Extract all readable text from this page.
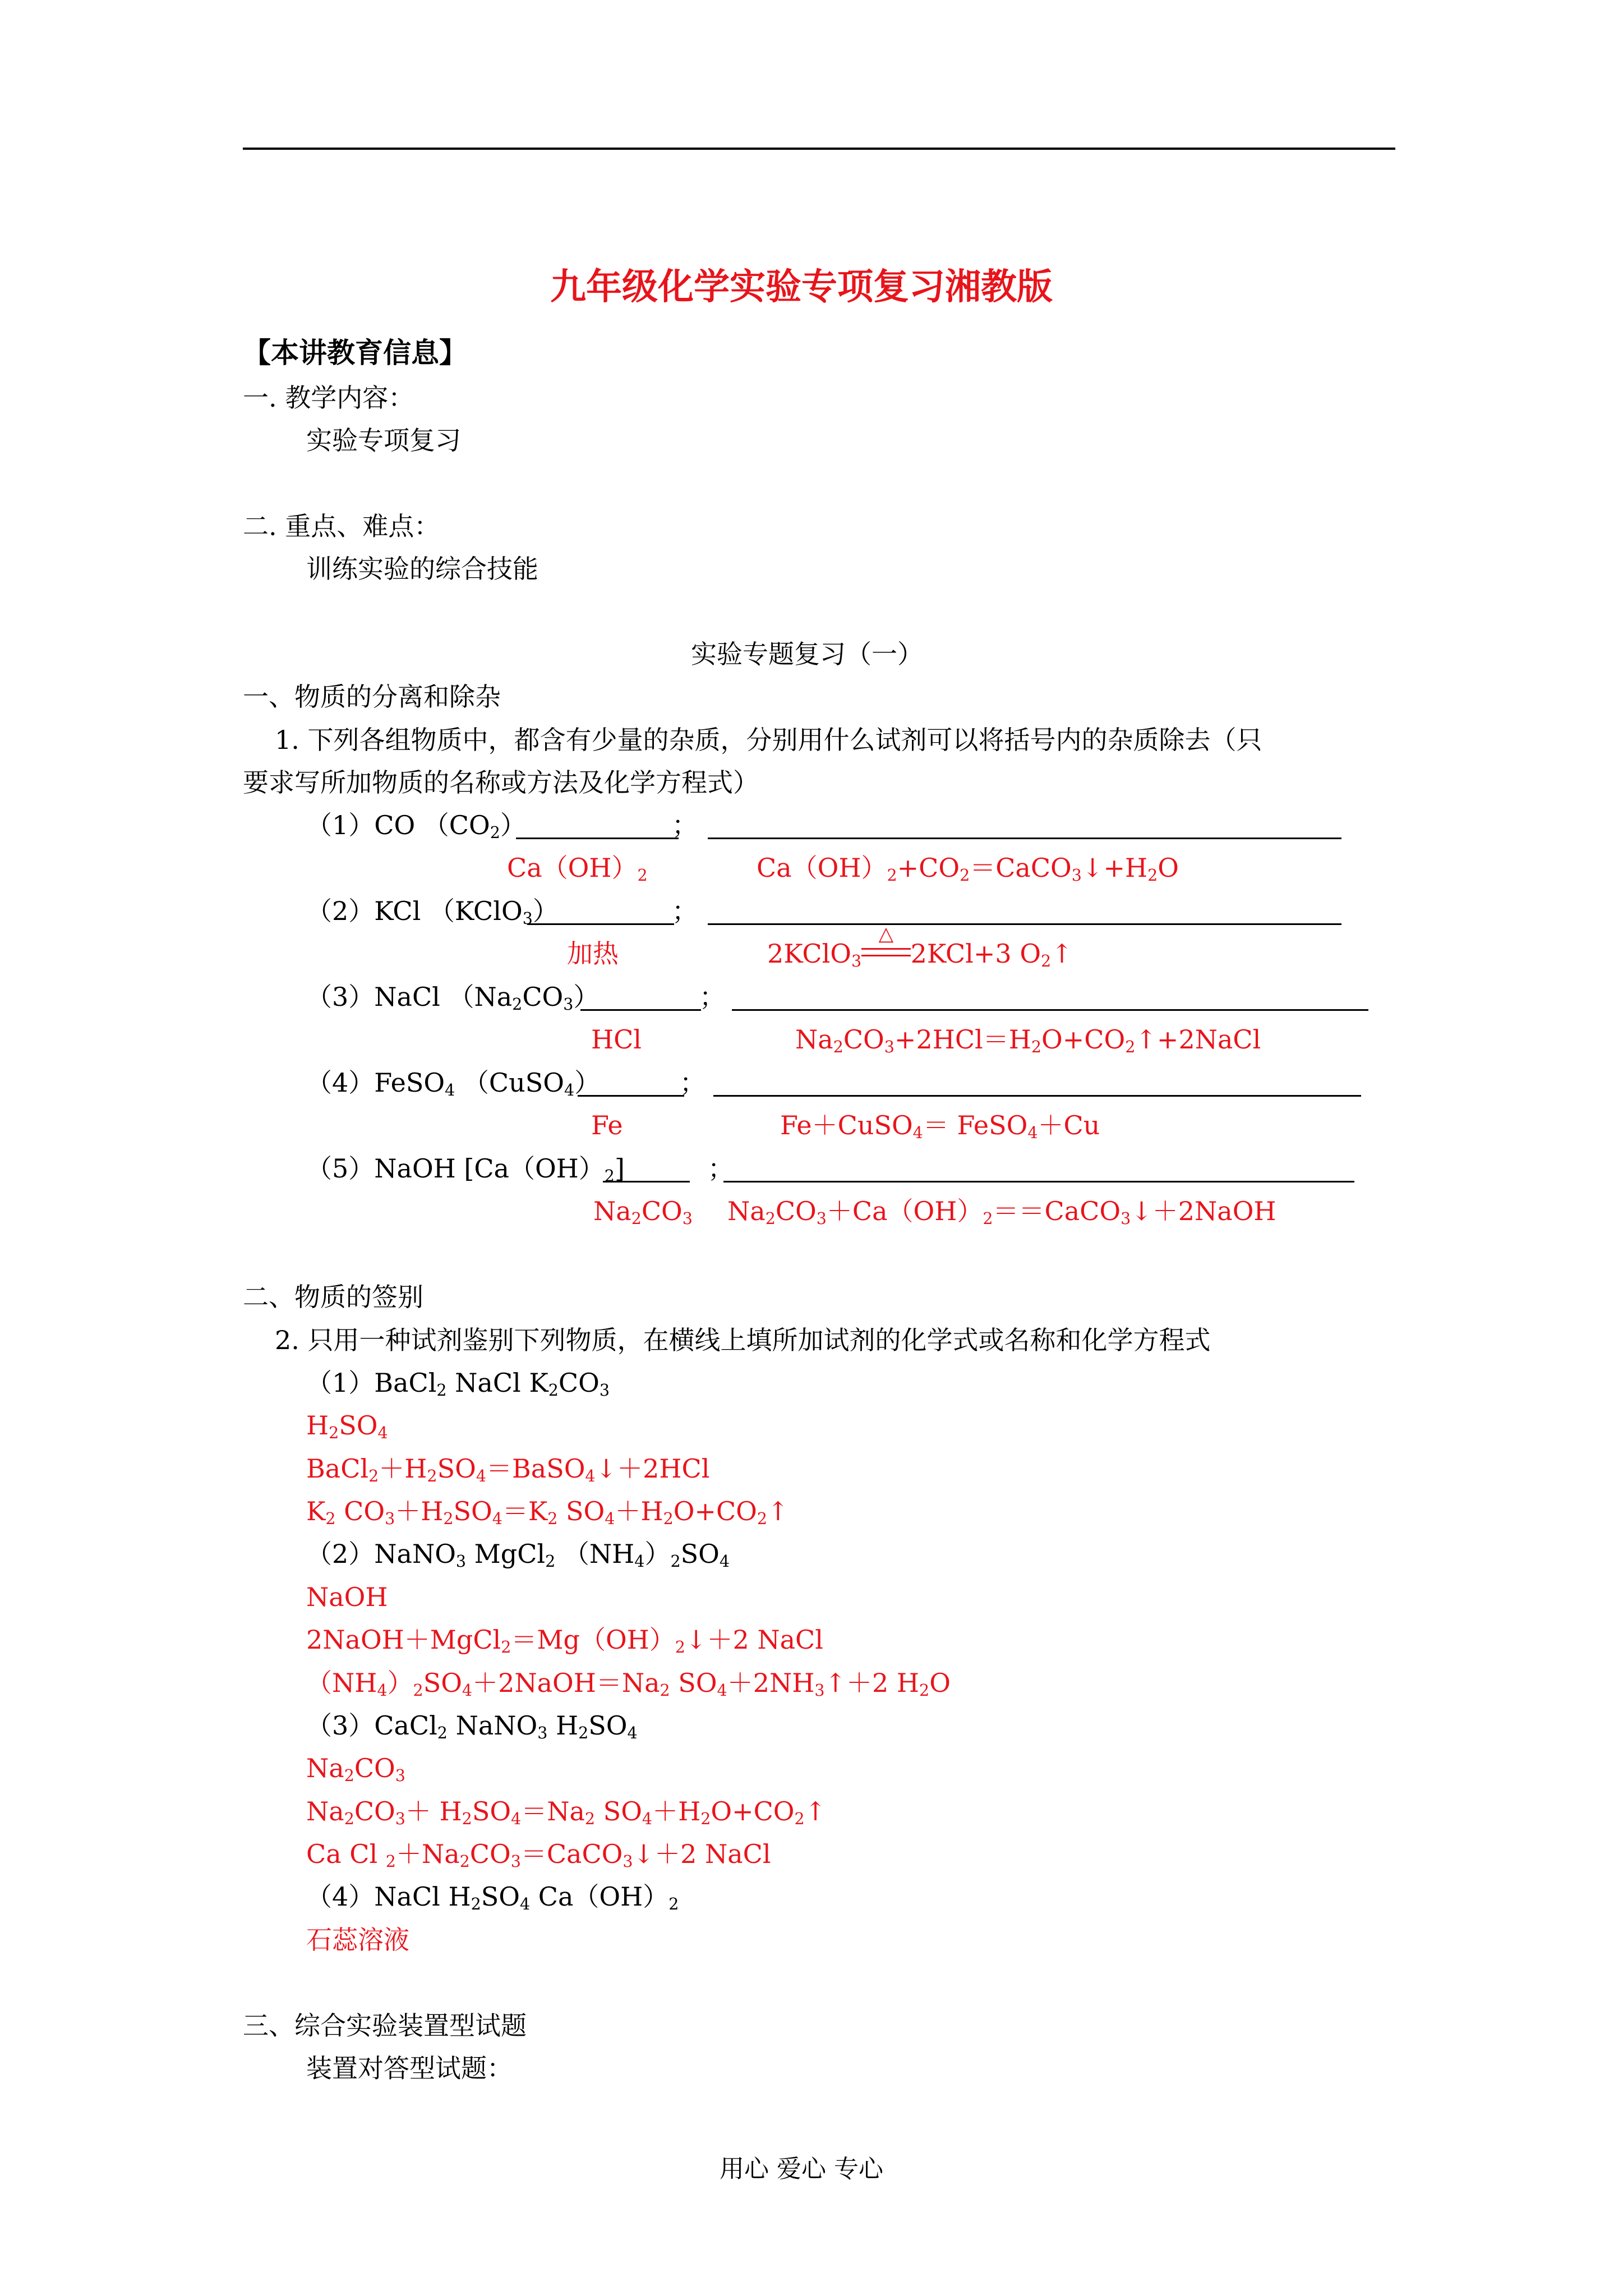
九年级化学实验专项复习湘教版
【本讲教育信息】
一. 教学内容：
实验专项复习
二. 重点、难点：
训练实验的综合技能
实验专题复习（一）
一、物质的分离和除杂
1. 下列各组物质中，都含有少量的杂质，分别用什么试剂可以将括号内的杂质除去（只
要求写所加物质的名称或方法及化学方程式）
（1）CO $(CO_2)$	；
$Ca(OH)_2$	$Ca(OH)_2+CO_2=CaCO_3↓+H_2O$
（2）KCl （KClO$_3$）	；
加热	2KClO$_3$
△
2KCl+3 $O_2↑$
（3）NaCl $(Na_2CO_3)$	；
HCl	$Na_2CO_3+2HCl=H_2O+CO_2↑+2NaCl$
（4）FeSO$_4$ （CuSO$_4$）	；
Fe	Fe＋CuSO$_4$＝ FeSO$_4$＋Cu
（5）NaOH $[Ca(OH)_2]$	；
$Na_2CO_3$ $Na_2CO_3+Ca(OH)_2==CaCO_3↓+2NaOH$
二、物质的签别
2. 只用一种试剂鉴别下列物质，在横线上填所加试剂的化学式或名称和化学方程式
（1）BaCl$_2$ NaCl $K_2CO_3$
$H_2SO_4$
$BaCl_2+H_2SO_4=BaSO_4↓+2HCl$
$K_2$ $CO_3+H_2SO_4=K_2$ $SO_4+H_2O+CO_2↑$
（2）NaNO$_3$ MgCl$_2$ $(NH_4)_2SO_4$
NaOH
$2NaOH+MgCl_2=Mg(OH)_2↓+2$ NaCl
$(NH_4)_2SO_4+2NaOH=Na_2$ $SO_4+2NH_3↑+2$ $H_2O$
（3）CaCl$_2$ NaNO$_3$ $H_2SO_4$
$Na_2CO_3$
$Na_2CO_3+ H_2SO_4=Na_2$ $SO_4+H_2O+CO_2↑$
Ca Cl $_2+Na_2CO_3=CaCO_3↓+2$ NaCl
（4）NaCl $H_2SO_4$ $Ca(OH)_2$
石蕊溶液
三、综合实验装置型试题
装置对答型试题：
用心 爱心 专心
